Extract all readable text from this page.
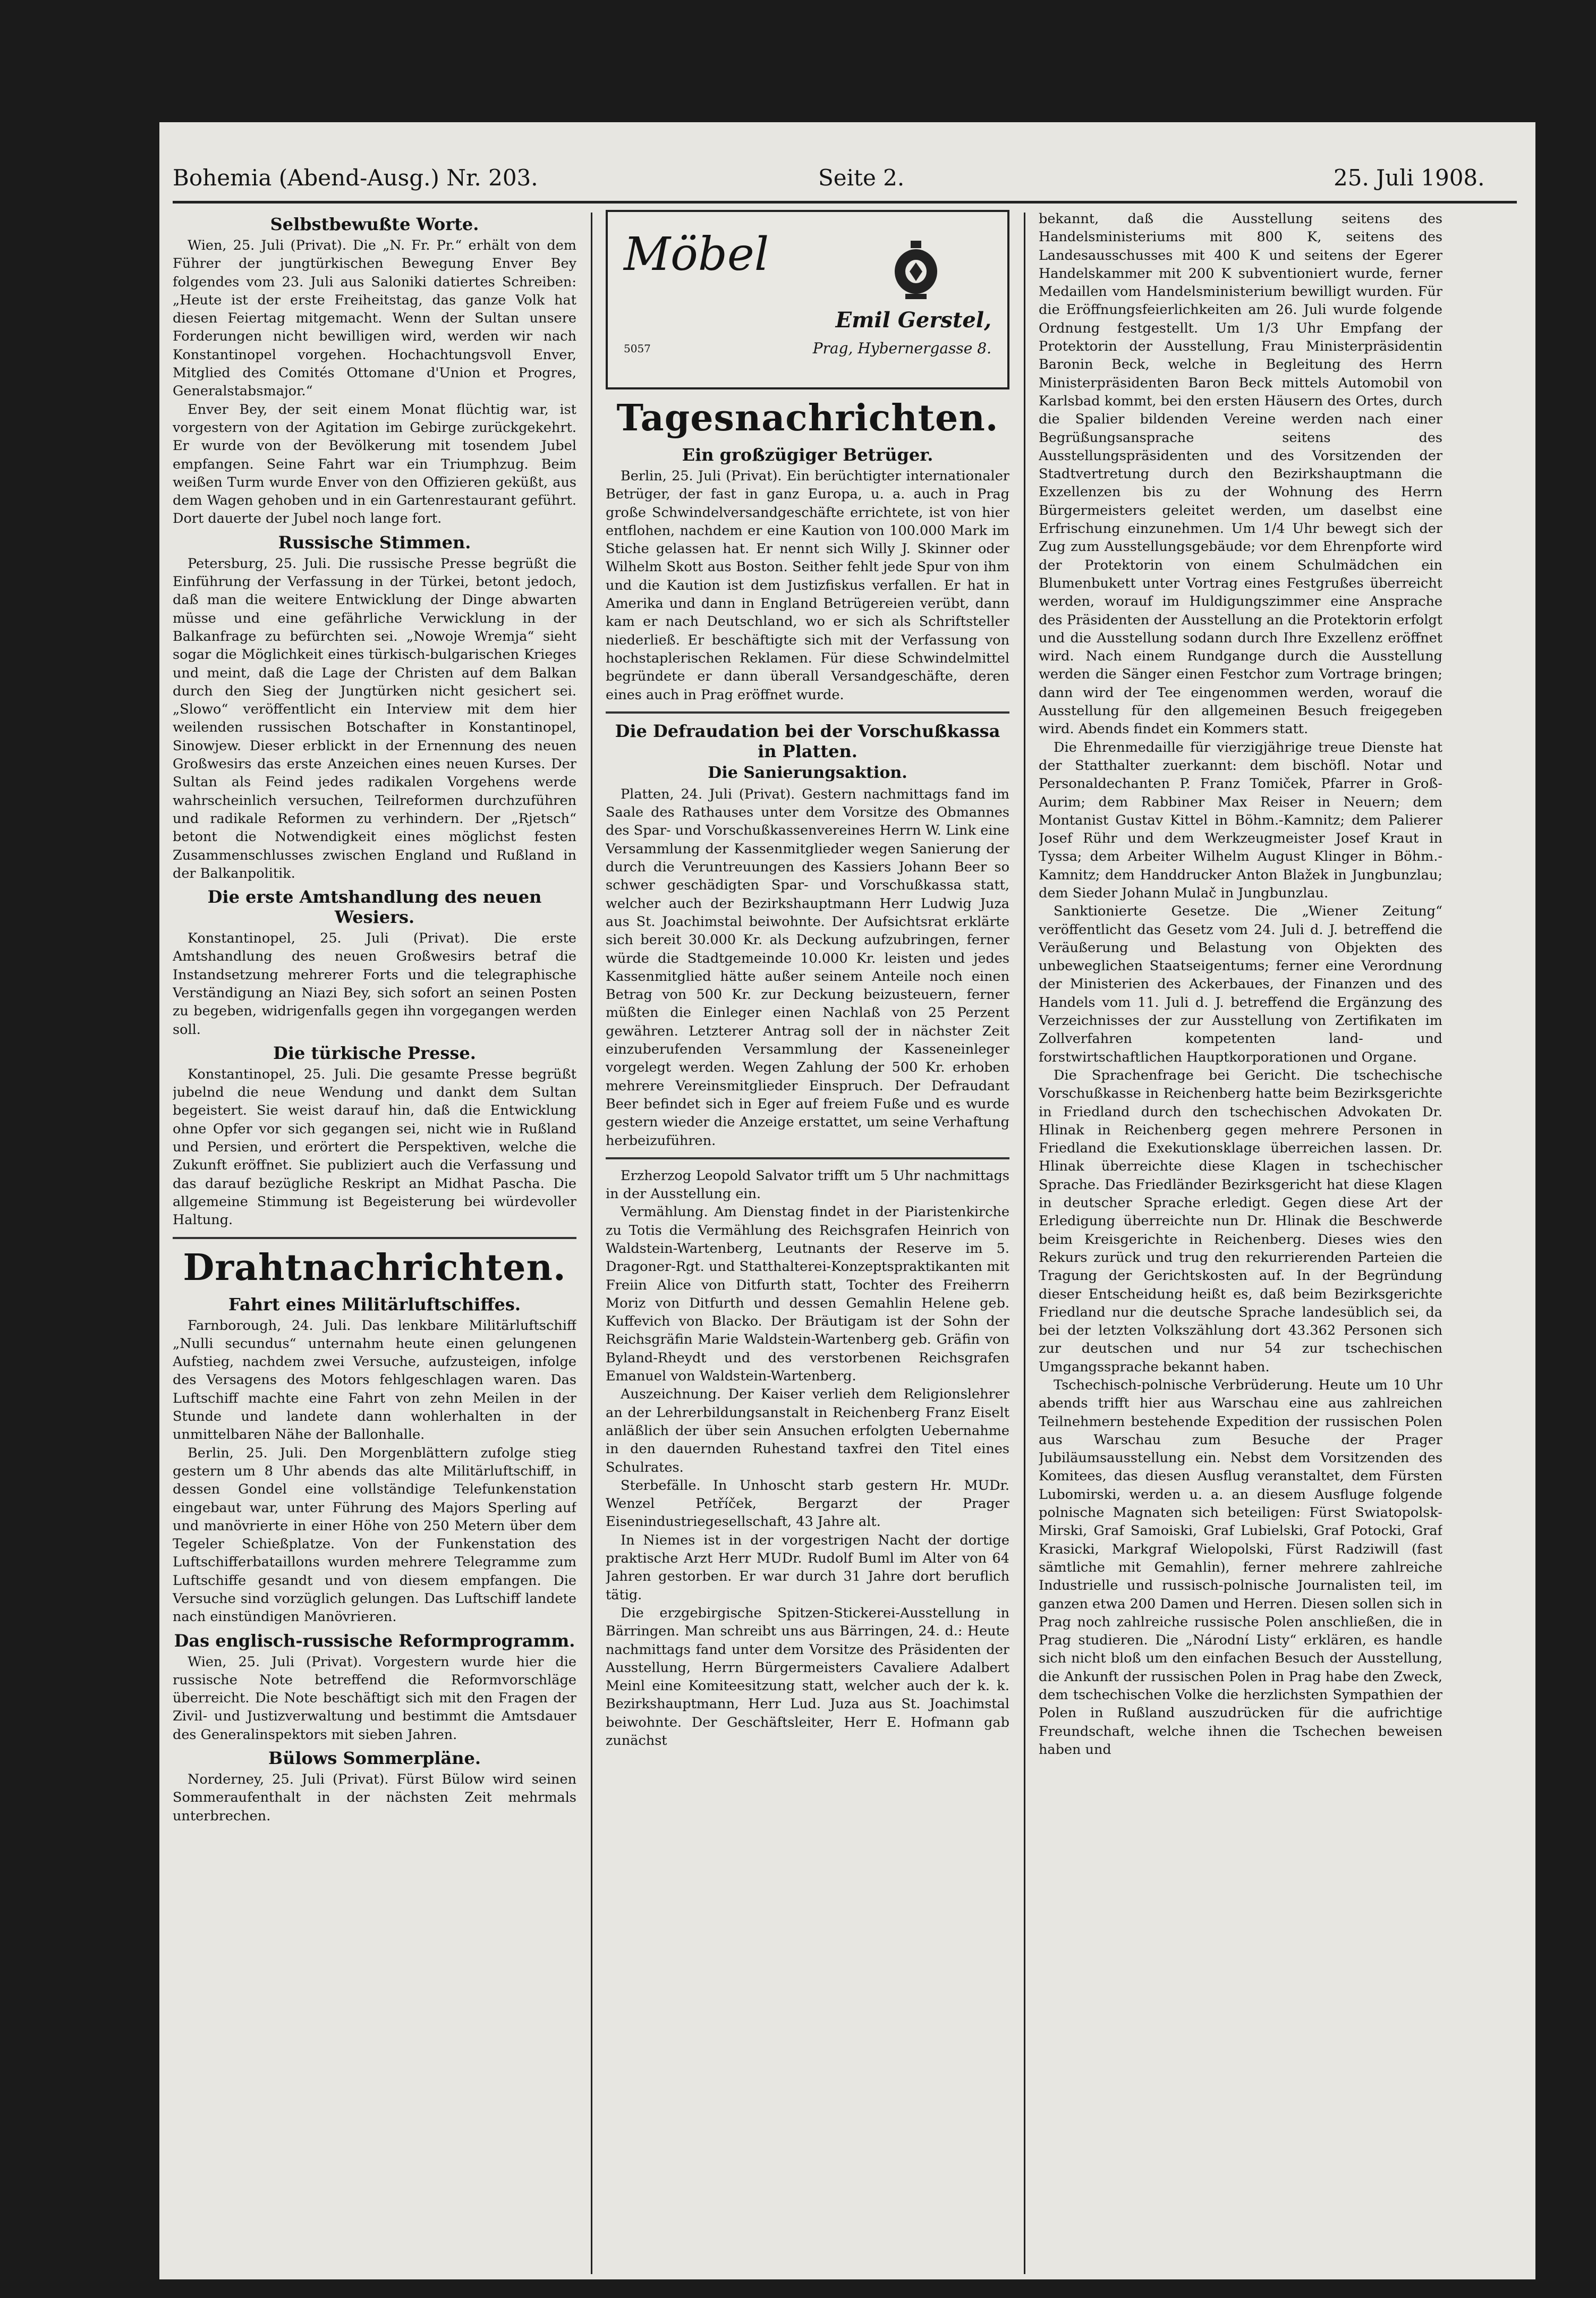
Bohemia (Abend-Ausg.) Nr. 203.	Seite 2.	25. Juli 1908.
Selbstbewußte Worte.

Wien, 25. Juli (Privat). Die „N. Fr. Pr.“ erhält von dem Führer der jungtürkischen Bewegung Enver Bey folgendes vom 23. Juli aus Saloniki datiertes Schreiben: „Heute ist der erste Freiheitstag, das ganze Volk hat diesen Feiertag mitgemacht. Wenn der Sultan unsere Forderungen nicht bewilligen wird, werden wir nach Konstantinopel vorgehen. Hochachtungsvoll Enver, Mitglied des Comités Ottomane d'Union et Progres, Generalstabsmajor.“

Enver Bey, der seit einem Monat flüchtig war, ist vorgestern von der Agitation im Gebirge zurückgekehrt. Er wurde von der Bevölkerung mit tosendem Jubel empfangen. Seine Fahrt war ein Triumphzug. Beim weißen Turm wurde Enver von den Offizieren geküßt, aus dem Wagen gehoben und in ein Gartenrestaurant geführt. Dort dauerte der Jubel noch lange fort.

Russische Stimmen.

Petersburg, 25. Juli. Die russische Presse begrüßt die Einführung der Verfassung in der Türkei, betont jedoch, daß man die weitere Entwicklung der Dinge abwarten müsse und eine gefährliche Verwicklung in der Balkanfrage zu befürchten sei. „Nowoje Wremja“ sieht sogar die Möglichkeit eines türkisch-bulgarischen Krieges und meint, daß die Lage der Christen auf dem Balkan durch den Sieg der Jungtürken nicht gesichert sei. „Slowo“ veröffentlicht ein Interview mit dem hier weilenden russischen Botschafter in Konstantinopel, Sinowjew. Dieser erblickt in der Ernennung des neuen Großwesirs das erste Anzeichen eines neuen Kurses. Der Sultan als Feind jedes radikalen Vorgehens werde wahrscheinlich versuchen, Teilreformen durchzuführen und radikale Reformen zu verhindern. Der „Rjetsch“ betont die Notwendigkeit eines möglichst festen Zusammenschlusses zwischen England und Rußland in der Balkanpolitik.

Die erste Amtshandlung des neuen Wesiers.

Konstantinopel, 25. Juli (Privat). Die erste Amtshandlung des neuen Großwesirs betraf die Instandsetzung mehrerer Forts und die telegraphische Verständigung an Niazi Bey, sich sofort an seinen Posten zu begeben, widrigenfalls gegen ihn vorgegangen werden soll.

Die türkische Presse.

Konstantinopel, 25. Juli. Die gesamte Presse begrüßt jubelnd die neue Wendung und dankt dem Sultan begeistert. Sie weist darauf hin, daß die Entwicklung ohne Opfer vor sich gegangen sei, nicht wie in Rußland und Persien, und erörtert die Perspektiven, welche die Zukunft eröffnet. Sie publiziert auch die Verfassung und das darauf bezügliche Reskript an Midhat Pascha. Die allgemeine Stimmung ist Begeisterung bei würdevoller Haltung.

Drahtnachrichten.
Fahrt eines Militärluftschiffes.

Farnborough, 24. Juli. Das lenkbare Militärluftschiff „Nulli secundus“ unternahm heute einen gelungenen Aufstieg, nachdem zwei Versuche, aufzusteigen, infolge des Versagens des Motors fehlgeschlagen waren. Das Luftschiff machte eine Fahrt von zehn Meilen in der Stunde und landete dann wohlerhalten in der unmittelbaren Nähe der Ballonhalle.

Berlin, 25. Juli. Den Morgenblättern zufolge stieg gestern um 8 Uhr abends das alte Militärluftschiff, in dessen Gondel eine vollständige Telefunkenstation eingebaut war, unter Führung des Majors Sperling auf und manövrierte in einer Höhe von 250 Metern über dem Tegeler Schießplatze. Von der Funkenstation des Luftschifferbataillons wurden mehrere Telegramme zum Luftschiffe gesandt und von diesem empfangen. Die Versuche sind vorzüglich gelungen. Das Luftschiff landete nach einstündigen Manövrieren.

Das englisch-russische Reformprogramm.

Wien, 25. Juli (Privat). Vorgestern wurde hier die russische Note betreffend die Reformvorschläge überreicht. Die Note beschäftigt sich mit den Fragen der Zivil- und Justizverwaltung und bestimmt die Amtsdauer des Generalinspektors mit sieben Jahren.

Bülows Sommerpläne.

Norderney, 25. Juli (Privat). Fürst Bülow wird seinen Sommeraufenthalt in der nächsten Zeit mehrmals unterbrechen.

Möbel
5057
Emil Gerstel,
Prag, Hybernergasse 8.
Tagesnachrichten.
Ein großzügiger Betrüger.

Berlin, 25. Juli (Privat). Ein berüchtigter internationaler Betrüger, der fast in ganz Europa, u. a. auch in Prag große Schwindelversandgeschäfte errichtete, ist von hier entflohen, nachdem er eine Kaution von 100.000 Mark im Stiche gelassen hat. Er nennt sich Willy J. Skinner oder Wilhelm Skott aus Boston. Seither fehlt jede Spur von ihm und die Kaution ist dem Justizfiskus verfallen. Er hat in Amerika und dann in England Betrügereien verübt, dann kam er nach Deutschland, wo er sich als Schriftsteller niederließ. Er beschäftigte sich mit der Verfassung von hochstaplerischen Reklamen. Für diese Schwindelmittel begründete er dann überall Versandgeschäfte, deren eines auch in Prag eröffnet wurde.

Die Defraudation bei der Vorschußkassa in Platten.
Die Sanierungsaktion.

Platten, 24. Juli (Privat). Gestern nachmittags fand im Saale des Rathauses unter dem Vorsitze des Obmannes des Spar- und Vorschußkassenvereines Herrn W. Link eine Versammlung der Kassenmitglieder wegen Sanierung der durch die Veruntreuungen des Kassiers Johann Beer so schwer geschädigten Spar- und Vorschußkassa statt, welcher auch der Bezirkshauptmann Herr Ludwig Juza aus St. Joachimstal beiwohnte. Der Aufsichtsrat erklärte sich bereit 30.000 Kr. als Deckung aufzubringen, ferner würde die Stadtgemeinde 10.000 Kr. leisten und jedes Kassenmitglied hätte außer seinem Anteile noch einen Betrag von 500 Kr. zur Deckung beizusteuern, ferner müßten die Einleger einen Nachlaß von 25 Perzent gewähren. Letzterer Antrag soll der in nächster Zeit einzuberufenden Versammlung der Kasseneinleger vorgelegt werden. Wegen Zahlung der 500 Kr. erhoben mehrere Vereinsmitglieder Einspruch. Der Defraudant Beer befindet sich in Eger auf freiem Fuße und es wurde gestern wieder die Anzeige erstattet, um seine Verhaftung herbeizuführen.

Erzherzog Leopold Salvator trifft um 5 Uhr nachmittags in der Ausstellung ein.

Vermählung. Am Dienstag findet in der Piaristenkirche zu Totis die Vermählung des Reichsgrafen Heinrich von Waldstein-Wartenberg, Leutnants der Reserve im 5. Dragoner-Rgt. und Statthalterei-Konzeptspraktikanten mit Freiin Alice von Ditfurth statt, Tochter des Freiherrn Moriz von Ditfurth und dessen Gemahlin Helene geb. Kuffevich von Blacko. Der Bräutigam ist der Sohn der Reichsgräfin Marie Waldstein-Wartenberg geb. Gräfin von Byland-Rheydt und des verstorbenen Reichsgrafen Emanuel von Waldstein-Wartenberg.

Auszeichnung. Der Kaiser verlieh dem Religionslehrer an der Lehrerbildungsanstalt in Reichenberg Franz Eiselt anläßlich der über sein Ansuchen erfolgten Uebernahme in den dauernden Ruhestand taxfrei den Titel eines Schulrates.

Sterbefälle. In Unhoscht starb gestern Hr. MUDr. Wenzel Petříček, Bergarzt der Prager Eisenindustriegesellschaft, 43 Jahre alt.

In Niemes ist in der vorgestrigen Nacht der dortige praktische Arzt Herr MUDr. Rudolf Buml im Alter von 64 Jahren gestorben. Er war durch 31 Jahre dort beruflich tätig.

Die erzgebirgische Spitzen-Stickerei-Ausstellung in Bärringen. Man schreibt uns aus Bärringen, 24. d.: Heute nachmittags fand unter dem Vorsitze des Präsidenten der Ausstellung, Herrn Bürgermeisters Cavaliere Adalbert Meinl eine Komiteesitzung statt, welcher auch der k. k. Bezirkshauptmann, Herr Lud. Juza aus St. Joachimstal beiwohnte. Der Geschäftsleiter, Herr E. Hofmann gab zunächst

bekannt, daß die Ausstellung seitens des Handelsministeriums mit 800 K, seitens des Landesausschusses mit 400 K und seitens der Egerer Handelskammer mit 200 K subventioniert wurde, ferner Medaillen vom Handelsministerium bewilligt wurden. Für die Eröffnungsfeierlichkeiten am 26. Juli wurde folgende Ordnung festgestellt. Um 1/3 Uhr Empfang der Protektorin der Ausstellung, Frau Ministerpräsidentin Baronin Beck, welche in Begleitung des Herrn Ministerpräsidenten Baron Beck mittels Automobil von Karlsbad kommt, bei den ersten Häusern des Ortes, durch die Spalier bildenden Vereine werden nach einer Begrüßungsansprache seitens des Ausstellungspräsidenten und des Vorsitzenden der Stadtvertretung durch den Bezirkshauptmann die Exzellenzen bis zu der Wohnung des Herrn Bürgermeisters geleitet werden, um daselbst eine Erfrischung einzunehmen. Um 1/4 Uhr bewegt sich der Zug zum Ausstellungsgebäude; vor dem Ehrenpforte wird der Protektorin von einem Schulmädchen ein Blumenbukett unter Vortrag eines Festgrußes überreicht werden, worauf im Huldigungszimmer eine Ansprache des Präsidenten der Ausstellung an die Protektorin erfolgt und die Ausstellung sodann durch Ihre Exzellenz eröffnet wird. Nach einem Rundgange durch die Ausstellung werden die Sänger einen Festchor zum Vortrage bringen; dann wird der Tee eingenommen werden, worauf die Ausstellung für den allgemeinen Besuch freigegeben wird. Abends findet ein Kommers statt.

Die Ehrenmedaille für vierzigjährige treue Dienste hat der Statthalter zuerkannt: dem bischöfl. Notar und Personaldechanten P. Franz Tomiček, Pfarrer in Groß-Aurim; dem Rabbiner Max Reiser in Neuern; dem Montanist Gustav Kittel in Böhm.-Kamnitz; dem Palierer Josef Rühr und dem Werkzeugmeister Josef Kraut in Tyssa; dem Arbeiter Wilhelm August Klinger in Böhm.-Kamnitz; dem Handdrucker Anton Blažek in Jungbunzlau; dem Sieder Johann Mulač in Jungbunzlau.

Sanktionierte Gesetze. Die „Wiener Zeitung“ veröffentlicht das Gesetz vom 24. Juli d. J. betreffend die Veräußerung und Belastung von Objekten des unbeweglichen Staatseigentums; ferner eine Verordnung der Ministerien des Ackerbaues, der Finanzen und des Handels vom 11. Juli d. J. betreffend die Ergänzung des Verzeichnisses der zur Ausstellung von Zertifikaten im Zollverfahren kompetenten land- und forstwirtschaftlichen Hauptkorporationen und Organe.

Die Sprachenfrage bei Gericht. Die tschechische Vorschußkasse in Reichenberg hatte beim Bezirksgerichte in Friedland durch den tschechischen Advokaten Dr. Hlinak in Reichenberg gegen mehrere Personen in Friedland die Exekutionsklage überreichen lassen. Dr. Hlinak überreichte diese Klagen in tschechischer Sprache. Das Friedländer Bezirksgericht hat diese Klagen in deutscher Sprache erledigt. Gegen diese Art der Erledigung überreichte nun Dr. Hlinak die Beschwerde beim Kreisgerichte in Reichenberg. Dieses wies den Rekurs zurück und trug den rekurrierenden Parteien die Tragung der Gerichtskosten auf. In der Begründung dieser Entscheidung heißt es, daß beim Bezirksgerichte Friedland nur die deutsche Sprache landesüblich sei, da bei der letzten Volkszählung dort 43.362 Personen sich zur deutschen und nur 54 zur tschechischen Umgangssprache bekannt haben.

Tschechisch-polnische Verbrüderung. Heute um 10 Uhr abends trifft hier aus Warschau eine aus zahlreichen Teilnehmern bestehende Expedition der russischen Polen aus Warschau zum Besuche der Prager Jubiläumsausstellung ein. Nebst dem Vorsitzenden des Komitees, das diesen Ausflug veranstaltet, dem Fürsten Lubomirski, werden u. a. an diesem Ausfluge folgende polnische Magnaten sich beteiligen: Fürst Swiatopolsk-Mirski, Graf Samoiski, Graf Lubielski, Graf Potocki, Graf Krasicki, Markgraf Wielopolski, Fürst Radziwill (fast sämtliche mit Gemahlin), ferner mehrere zahlreiche Industrielle und russisch-polnische Journalisten teil, im ganzen etwa 200 Damen und Herren. Diesen sollen sich in Prag noch zahlreiche russische Polen anschließen, die in Prag studieren. Die „Národní Listy“ erklären, es handle sich nicht bloß um den einfachen Besuch der Ausstellung, die Ankunft der russischen Polen in Prag habe den Zweck, dem tschechischen Volke die herzlichsten Sympathien der Polen in Rußland auszudrücken für die aufrichtige Freundschaft, welche ihnen die Tschechen beweisen haben und
